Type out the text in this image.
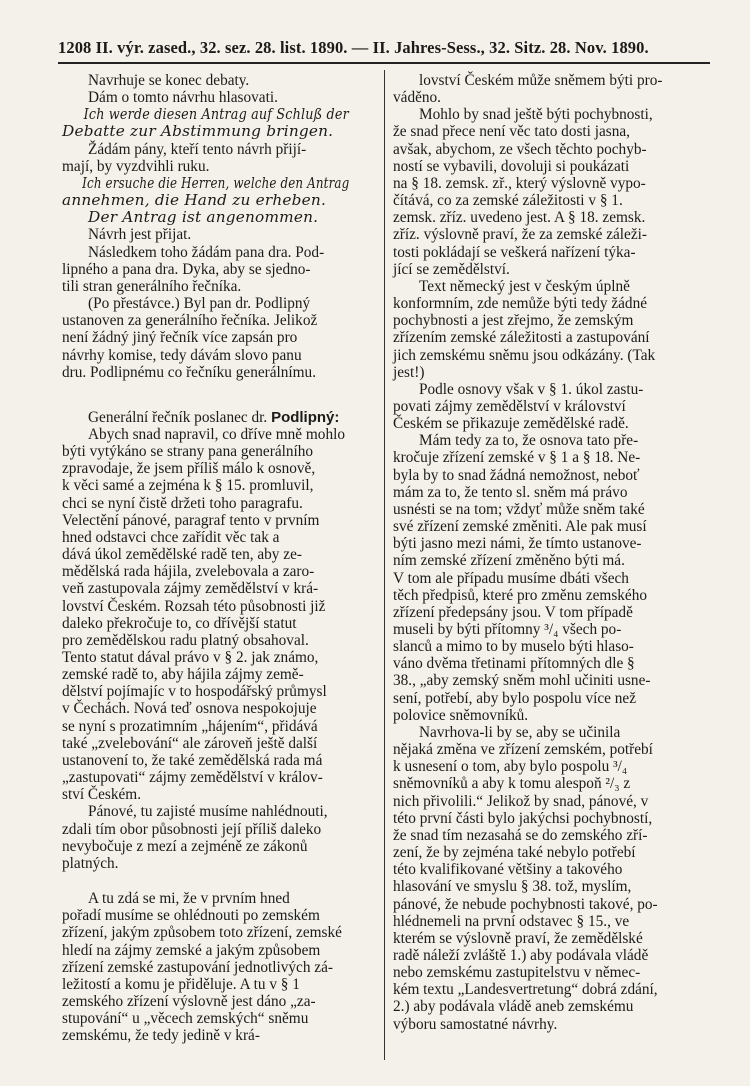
1208 II. výr. zased., 32. sez. 28. list. 1890. — II. Jahres-Sess., 32. Sitz. 28. Nov. 1890.
Navrhuje se konec debaty.
Dám o tomto návrhu hlasovati.
Ich werde diesen Antrag auf Schluß der
Debatte zur Abstimmung bringen.
Žádám pány, kteří tento návrh přijí-
mají, by vyzdvihli ruku.
Ich ersuche die Herren, welche den Antrag
annehmen, die Hand zu erheben.
Der Antrag ist angenommen.
Návrh jest přijat.
Následkem toho žádám pana dra. Pod-
lipného a pana dra. Dyka, aby se sjedno-
tili stran generálního řečníka.
(Po přestávce.) Byl pan dr. Podlipný
ustanoven za generálního řečníka. Jelikož
není žádný jiný řečník více zapsán pro
návrhy komise, tedy dávám slovo panu
dru. Podlipnému co řečníku generálnímu.
Generální řečník poslanec dr. Podlipný:
Abych snad napravil, co dříve mně mohlo
býti vytýkáno se strany pana generálního
zpravodaje, že jsem příliš málo k osnově,
k věci samé a zejména k § 15. promluvil,
chci se nyní čistě držeti toho paragrafu.
Velectění pánové, paragraf tento v prvním
hned odstavci chce zařídit věc tak a
dává úkol zemědělské radě ten, aby ze-
mědělská rada hájila, zvelebovala a zaro-
veň zastupovala zájmy zemědělství v krá-
lovství Českém. Rozsah této působnosti již
daleko překročuje to, co dřívější statut
pro zemědělskou radu platný obsahoval.
Tento statut dával právo v § 2. jak známo,
zemské radě to, aby hájila zájmy země-
dělství pojímajíc v to hospodářský průmysl
v Čechách. Nová teď osnova nespokojuje
se nyní s prozatimním „hájením“, přidává
také „zvelebování“ ale zároveň ještě další
ustanovení to, že také zemědělská rada má
„zastupovati“ zájmy zemědělství v králov-
ství Českém.
Pánové, tu zajisté musíme nahlédnouti,
zdali tím obor působnosti její příliš daleko
nevybočuje z mezí a zejméně ze zákonů
platných.
A tu zdá se mi, že v prvním hned
pořadí musíme se ohlédnouti po zemském
zřízení, jakým způsobem toto zřízení, zemské
hledí na zájmy zemské a jakým způsobem
zřízení zemské zastupování jednotlivých zá-
ležitostí a komu je přiděluje. A tu v § 1
zemského zřízení výslovně jest dáno „za-
stupování“ u „věcech zemských“ sněmu
zemskému, že tedy jedině v krá-
lovství Českém může sněmem býti pro-
váděno.
Mohlo by snad ještě býti pochybnosti,
že snad přece není věc tato dosti jasna,
avšak, abychom, ze všech těchto pochyb-
ností se vybavili, dovoluji si poukázati
na § 18. zemsk. zř., který výslovně vypo-
čítává, co za zemské záležitosti v § 1.
zemsk. zříz. uvedeno jest. A § 18. zemsk.
zříz. výslovně praví, že za zemské záleži-
tosti pokládají se veškerá nařízení týka-
jící se zemědělství.
Text německý jest v českým úplně
konformním, zde nemůže býti tedy žádné
pochybnosti a jest zřejmo, že zemským
zřízením zemské záležitosti a zastupování
jich zemskému sněmu jsou odkázány. (Tak
jest!)
Podle osnovy však v § 1. úkol zastu-
povati zájmy zemědělství v království
Českém se přikazuje zemědělské radě.
Mám tedy za to, že osnova tato pře-
kročuje zřízení zemské v § 1 a § 18. Ne-
byla by to snad žádná nemožnost, neboť
mám za to, že tento sl. sněm má právo
usnésti se na tom; vždyť může sněm také
své zřízení zemské změniti. Ale pak musí
býti jasno mezi námi, že tímto ustanove-
ním zemské zřízení změněno býti má.
V tom ale případu musíme dbáti všech
těch předpisů, které pro změnu zemského
zřízení předepsány jsou. V tom případě
museli by býti přítomny ³/₄ všech po-
slanců a mimo to by muselo býti hlaso-
váno dvěma třetinami přítomných dle §
38., „aby zemský sněm mohl učiniti usne-
sení, potřebí, aby bylo pospolu více než
polovice sněmovníků.
Navrhova-li by se, aby se učinila
nějaká změna ve zřízení zemském, potřebí
k usnesení o tom, aby bylo pospolu ³/₄
sněmovníků a aby k tomu alespoň ²/₃ z
nich přivolili.“ Jelikož by snad, pánové, v
této první části bylo jakýchsi pochybností,
že snad tím nezasahá se do zemského zří-
zení, že by zejména také nebylo potřebí
této kvalifikované většiny a takového
hlasování ve smyslu § 38. tož, myslím,
pánové, že nebude pochybnosti takové, po-
hlédnemeli na první odstavec § 15., ve
kterém se výslovně praví, že zemědělské
radě náleží zvláště 1.) aby podávala vládě
nebo zemskému zastupitelstvu v němec-
kém textu „Landesvertretung“ dobrá zdání,
2.) aby podávala vládě aneb zemskému
výboru samostatné návrhy.
